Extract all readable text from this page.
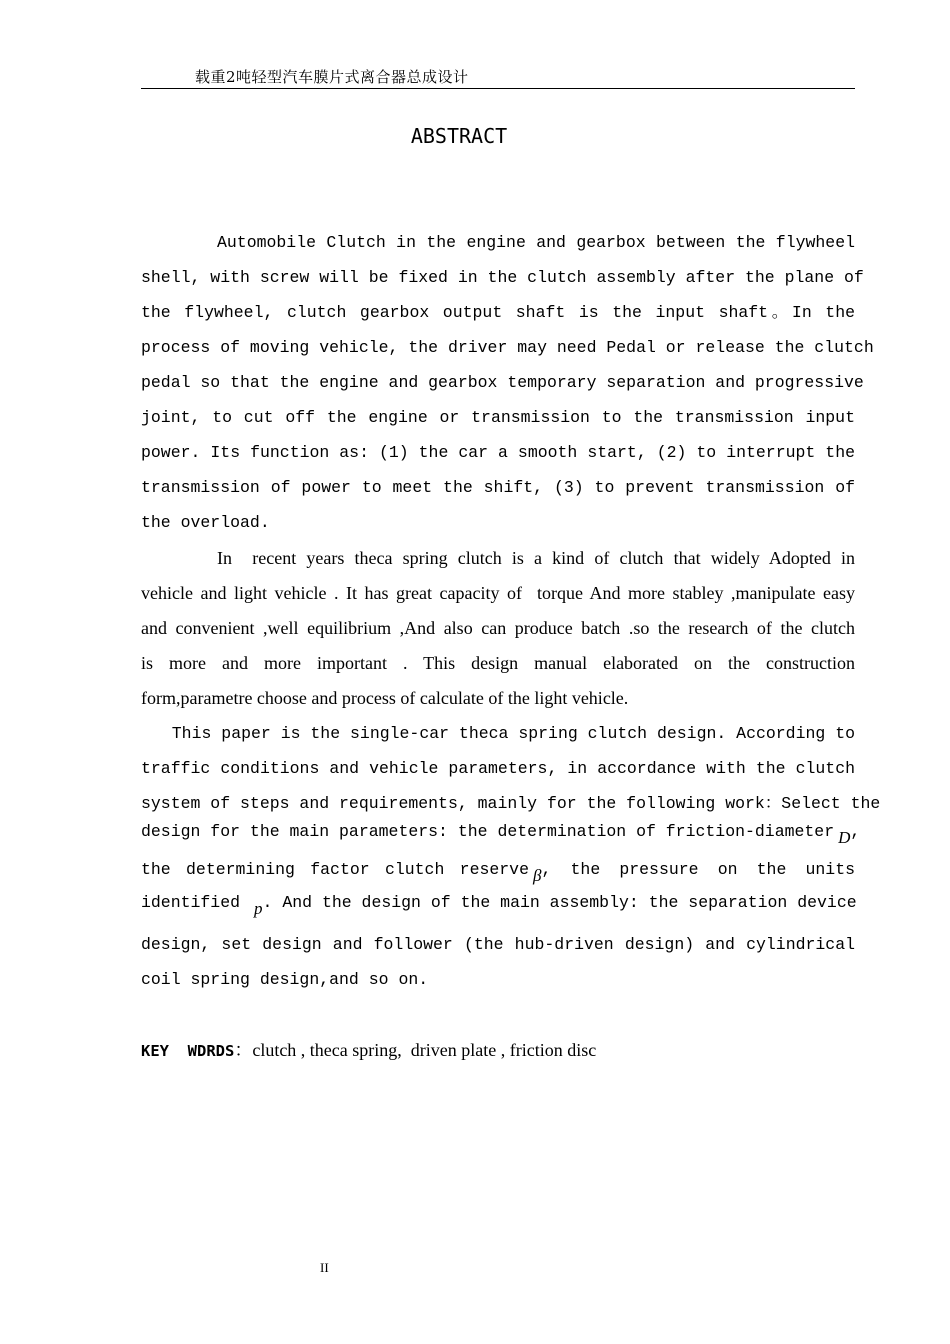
载重2吨轻型汽车膜片式离合器总成设计
ABSTRACT
Automobile Clutch in the engine and gearbox between the flywheel
shell, with screw will be fixed in the clutch assembly after the plane of
the flywheel, clutch gearbox output shaft is the input shaft。In the
process of moving vehicle, the driver may need Pedal or release the clutch
pedal so that the engine and gearbox temporary separation and progressive
joint, to cut off the engine or transmission to the transmission input
power. Its function as: (1) the car a smooth start, (2) to interrupt the
transmission of power to meet the shift, (3) to prevent transmission of
the overload.
In  recent years theca spring clutch is a kind of clutch that widely Adopted in
vehicle and light vehicle . It has great capacity of  torque And more stabley ,manipulate easy
and convenient ,well equilibrium ,And also can produce batch .so the research of the clutch
is more and more important . This design manual elaborated on the construction
form,parametre choose and process of calculate of the light vehicle.
This paper is the single-car theca spring clutch design. According to
traffic conditions and vehicle parameters, in accordance with the clutch
system of steps and requirements, mainly for the following work：Select the
design for the main parameters: the determination of friction-diameter D ,
the determining factor clutch reserve β , the pressure on the units
identified p . And the design of the main assembly: the separation device
design, set design and follower (the hub-driven design) and cylindrical
coil spring design,and so on.
KEY  WDRDS：clutch , theca spring,  driven plate , friction disc
II
